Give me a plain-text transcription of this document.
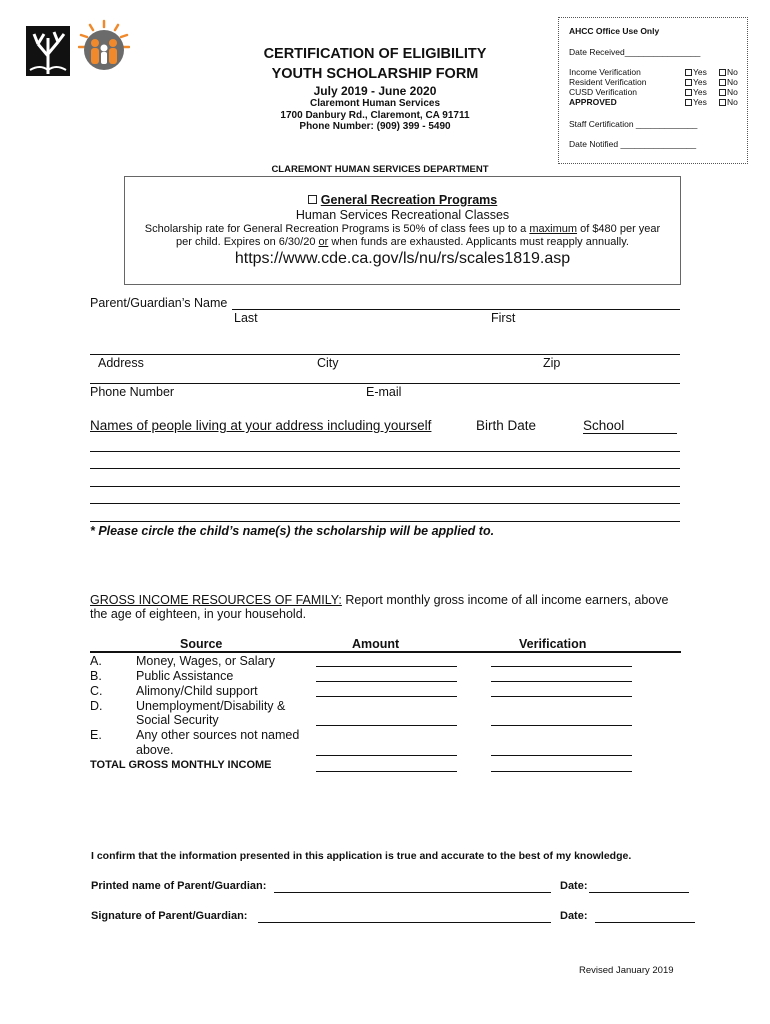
CERTIFICATION OF ELIGIBILITY
YOUTH SCHOLARSHIP FORM
July 2019 - June 2020
Claremont Human Services
1700 Danbury Rd., Claremont, CA 91711
Phone Number: (909) 399 - 5490
AHCC Office Use Only
Date Received________________
Income Verification	Yes	No
Resident Verification	Yes	No
CUSD Verification	Yes	No
APPROVED	Yes	No
Staff Certification _____________
Date Notified ________________
CLAREMONT HUMAN SERVICES DEPARTMENT
General Recreation Programs
Human Services Recreational Classes
Scholarship rate for General Recreation Programs is 50% of class fees up to a maximum of $480 per year
per child. Expires on 6/30/20 or when funds are exhausted. Applicants must reapply annually.
https://www.cde.ca.gov/ls/nu/rs/scales1819.asp
Parent/Guardian’s Name
Last	First
Address	City	Zip
Phone Number	E-mail
Names of people living at your address including yourself	Birth Date	School
* Please circle the child’s name(s) the scholarship will be applied to.
GROSS INCOME RESOURCES OF FAMILY: Report monthly gross income of all income earners, above
the age of eighteen, in your household.
Source	Amount	Verification
A.	Money, Wages, or Salary
B.	Public Assistance
C.	Alimony/Child support
D.	Unemployment/Disability &
Social Security
E.	Any other sources not named
above.
TOTAL GROSS MONTHLY INCOME
I confirm that the information presented in this application is true and accurate to the best of my knowledge.
Printed name of Parent/Guardian:	Date:
Signature of Parent/Guardian:	Date:
Revised January 2019
